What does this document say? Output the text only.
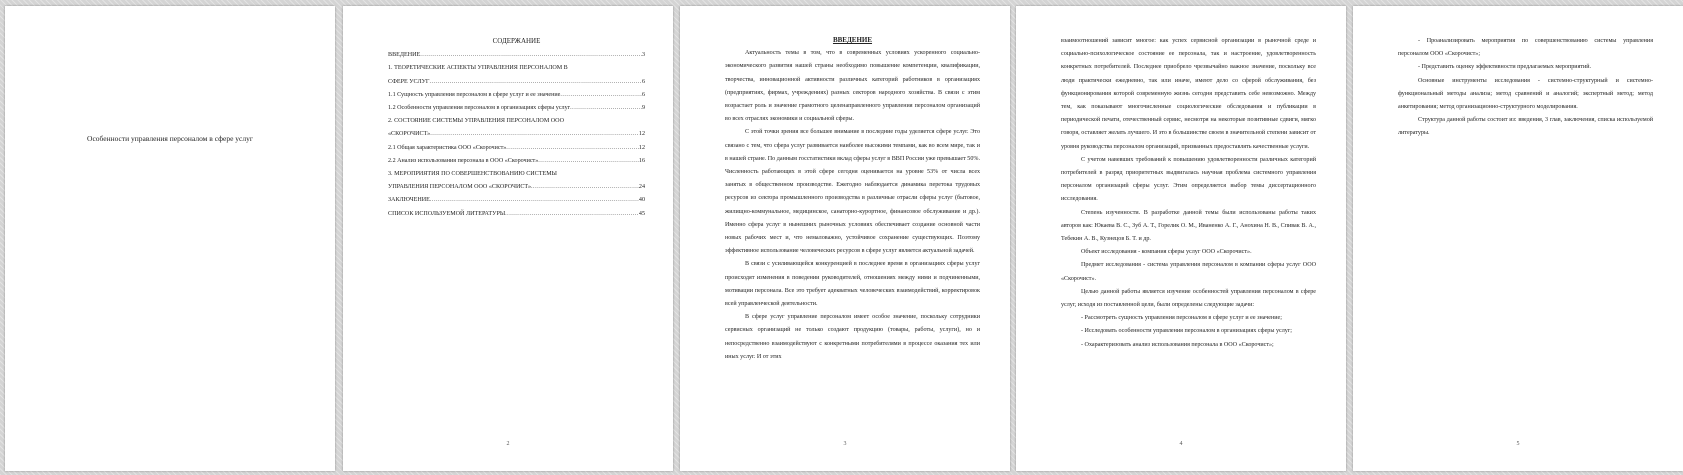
Особенности управления персоналом в сфере услуг
СОДЕРЖАНИЕ
ВВЕДЕНИЕ .....	3
1. ТЕОРЕТИЧЕСКИЕ АСПЕКТЫ УПРАВЛЕНИЯ ПЕРСОНАЛОМ В
СФЕРЕ УСЛУГ .....	6
1.1 Сущность управления персоналом в сфере услуг и ее значение .....	6
1.2 Особенности управления персоналом в организациях сферы услуг .....	9
2. СОСТОЯНИЕ СИСТЕМЫ УПРАВЛЕНИЯ ПЕРСОНАЛОМ ООО
«СКОРОЧИСТ» .....	12
2.1 Общая характеристика ООО «Скорочист» .....	12
2.2 Анализ использования персонала в ООО «Скорочист» .....	16
3. МЕРОПРИЯТИЯ ПО СОВЕРШЕНСТВОВАНИЮ СИСТЕМЫ
УПРАВЛЕНИЯ ПЕРСОНАЛОМ ООО «СКОРОЧИСТ» .....	24
ЗАКЛЮЧЕНИЕ .....	40
СПИСОК ИСПОЛЬЗУЕМОЙ ЛИТЕРАТУРЫ .....	45
2
ВВЕДЕНИЕ

Актуальность темы в том, что в современных условиях ускоренного социально-экономического развития нашей страны необходимо повышение компетенции, квалификации, творчества, инновационной активности различных категорий работников в организациях (предприятиях, фирмах, учреждениях) разных секторов народного хозяйства. В связи с этим возрастает роль и значение грамотного целенаправленного управления персоналом организаций во всех отраслях экономики и социальной сферы.

С этой точки зрения все большее внимание в последние годы уделяется сфере услуг. Это связано с тем, что сфера услуг развивается наиболее высокими темпами, как во всем мире, так и в нашей стране. По данным госстатистики вклад сферы услуг в ВВП России уже превышает 50%. Численность работающих в этой сфере сегодня оценивается на уровне 53% от числа всех занятых в общественном производстве. Ежегодно наблюдается динамика перетока трудовых ресурсов из сектора промышленного производства в различные отрасли сферы услуг (бытовое, жилищно-коммунальное, медицинское, санаторно-курортное, финансовое обслуживание и др.). Именно сфера услуг в нынешних рыночных условиях обеспечивает создание основной части новых рабочих мест и, что немаловажно, устойчивое сохранение существующих. Поэтому эффективное использование человеческих ресурсов в сфере услуг является актуальной задачей.

В связи с усиливающейся конкуренцией в последнее время в организациях сферы услуг происходят изменения в поведении руководителей, отношениях между ними и подчиненными, мотивации персонала. Все это требует адекватных человеческих взаимодействий, корректировок всей управленческой деятельности.

В сфере услуг управление персоналом имеет особое значение, поскольку сотрудники сервисных организаций не только создают продукцию (товары, работы, услуги), но и непосредственно взаимодействуют с конкретными потребителями в процессе оказания тех или иных услуг. И от этих

3

взаимоотношений зависит многое: как успех сервисной организации в рыночной среде и социально-психологическое состояние ее персонала, так и настроение, удовлетворенность конкретных потребителей. Последнее приобрело чрезвычайно важное значение, поскольку все люди практически ежедневно, так или иначе, имеют дело со сферой обслуживания, без функционирования которой современную жизнь сегодня представить себе невозможно. Между тем, как показывают многочисленные социологические обследования и публикации в периодической печати, отечественный сервис, несмотря на некоторые позитивные сдвиги, мягко говоря, оставляет желать лучшего. И это в большинстве своем в значительной степени зависит от уровня руководства персоналом организаций, призванных предоставлять качественные услуги.

С учетом навевших требований к повышению удовлетворенности различных категорий потребителей в разряд приоритетных выдвигалась научная проблема системного управления персоналом организаций сферы услуг. Этим определяется выбор темы диссертационного исследования.

Степень изученности. В разработке данной темы были использованы работы таких авторов как: Юкаева В. С., Зуб А. Т., Горелик О. М., Иваненко А. Г., Анохина Н. В., Спивак В. А., Тебекин А. В., Кузнецов Б. Т. и др.

Объект исследования - компания сферы услуг ООО «Скорочист».

Предмет исследования - система управления персоналом в компании сферы услуг ООО «Скорочист».

Целью данной работы является изучение особенностей управления персоналом в сфере услуг, исходя из поставленной цели, были определены следующие задачи:

- Рассмотреть сущность управления персоналом в сфере услуг и ее значение;

- Исследовать особенности управления персоналом в организациях сферы услуг;

- Охарактеризовать анализ использования персонала в ООО «Скорочист»;

4

- Проанализировать мероприятия по совершенствованию системы управления персоналом ООО «Скорочист»;

- Представить оценку эффективности предлагаемых мероприятий.

Основные инструменты исследования - системно-структурный и системно-функциональный методы анализа; метод сравнений и аналогий; экспертный метод; метод анкетирования; метод организационно-структурного моделирования.

Структура данной работы состоит из: введения, 3 глав, заключения, списка используемой литературы.

5
